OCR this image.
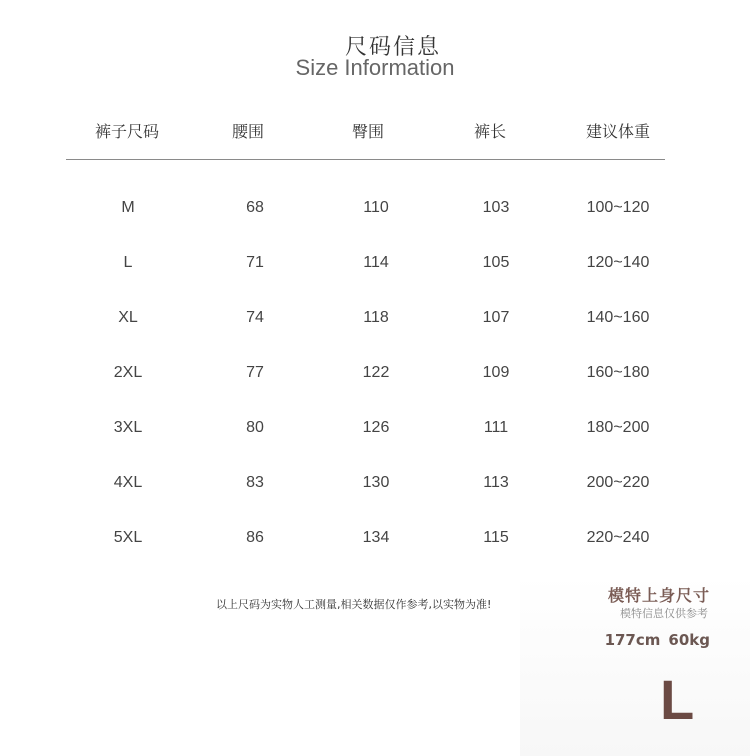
尺码信息
Size Information
裤子尺码	腰围	臀围	裤长	建议体重
M	68	110	103	100~120
L	71	114	105	120~140
XL	74	118	107	140~160
2XL	77	122	109	160~180
3XL	80	126	111	180~200
4XL	83	130	113	200~220
5XL	86	134	115	220~240
以上尺码为实物人工测量,相关数据仅作参考,以实物为准!	模特上身尺寸
模特信息仅供参考
177cm 60kg
L
